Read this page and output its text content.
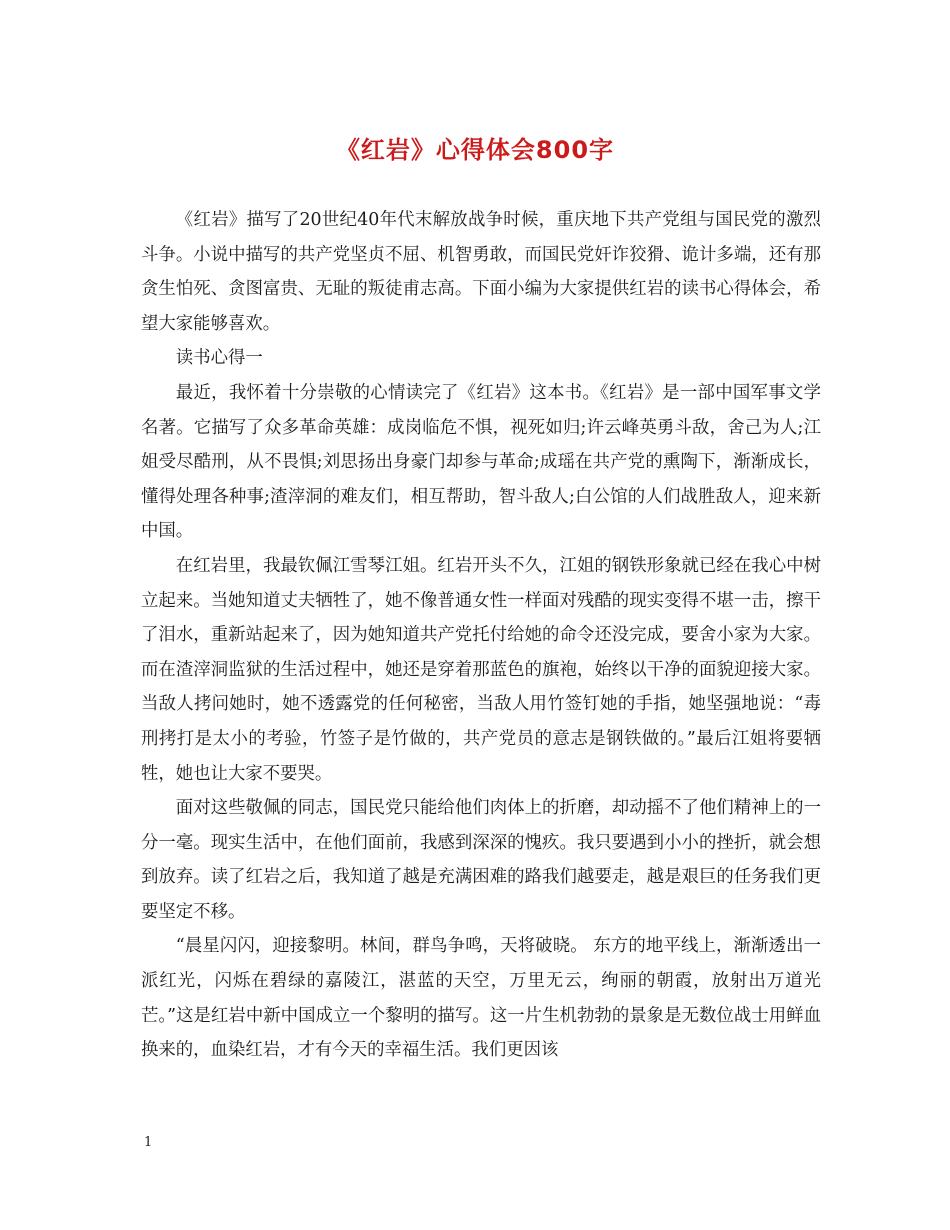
《红岩》心得体会800字

《红岩》描写了20世纪40年代末解放战争时候，重庆地下共产党组与国民党的激烈斗争。小说中描写的共产党坚贞不屈、机智勇敢，而国民党奸诈狡猾、诡计多端，还有那贪生怕死、贪图富贵、无耻的叛徒甫志高。下面小编为大家提供红岩的读书心得体会，希望大家能够喜欢。

读书心得一

最近，我怀着十分崇敬的心情读完了《红岩》这本书。《红岩》是一部中国军事文学名著。它描写了众多革命英雄：成岗临危不惧，视死如归;许云峰英勇斗敌，舍己为人;江姐受尽酷刑，从不畏惧;刘思扬出身豪门却参与革命;成瑶在共产党的熏陶下，渐渐成长，懂得处理各种事;渣滓洞的难友们，相互帮助，智斗敌人;白公馆的人们战胜敌人，迎来新中国。

在红岩里，我最钦佩江雪琴江姐。红岩开头不久，江姐的钢铁形象就已经在我心中树立起来。当她知道丈夫牺牲了，她不像普通女性一样面对残酷的现实变得不堪一击，擦干了泪水，重新站起来了，因为她知道共产党托付给她的命令还没完成，要舍小家为大家。而在渣滓洞监狱的生活过程中，她还是穿着那蓝色的旗袍，始终以干净的面貌迎接大家。当敌人拷问她时，她不透露党的任何秘密，当敌人用竹签钉她的手指，她坚强地说：“毒刑拷打是太小的考验，竹签子是竹做的，共产党员的意志是钢铁做的。”最后江姐将要牺牲，她也让大家不要哭。

面对这些敬佩的同志，国民党只能给他们肉体上的折磨，却动摇不了他们精神上的一分一毫。现实生活中，在他们面前，我感到深深的愧疚。我只要遇到小小的挫折，就会想到放弃。读了红岩之后，我知道了越是充满困难的路我们越要走，越是艰巨的任务我们更要坚定不移。

“晨星闪闪，迎接黎明。林间，群鸟争鸣，天将破晓。 东方的地平线上，渐渐透出一派红光，闪烁在碧绿的嘉陵江，湛蓝的天空，万里无云，绚丽的朝霞，放射出万道光芒。”这是红岩中新中国成立一个黎明的描写。这一片生机勃勃的景象是无数位战士用鲜血换来的，血染红岩，才有今天的幸福生活。我们更因该

1
